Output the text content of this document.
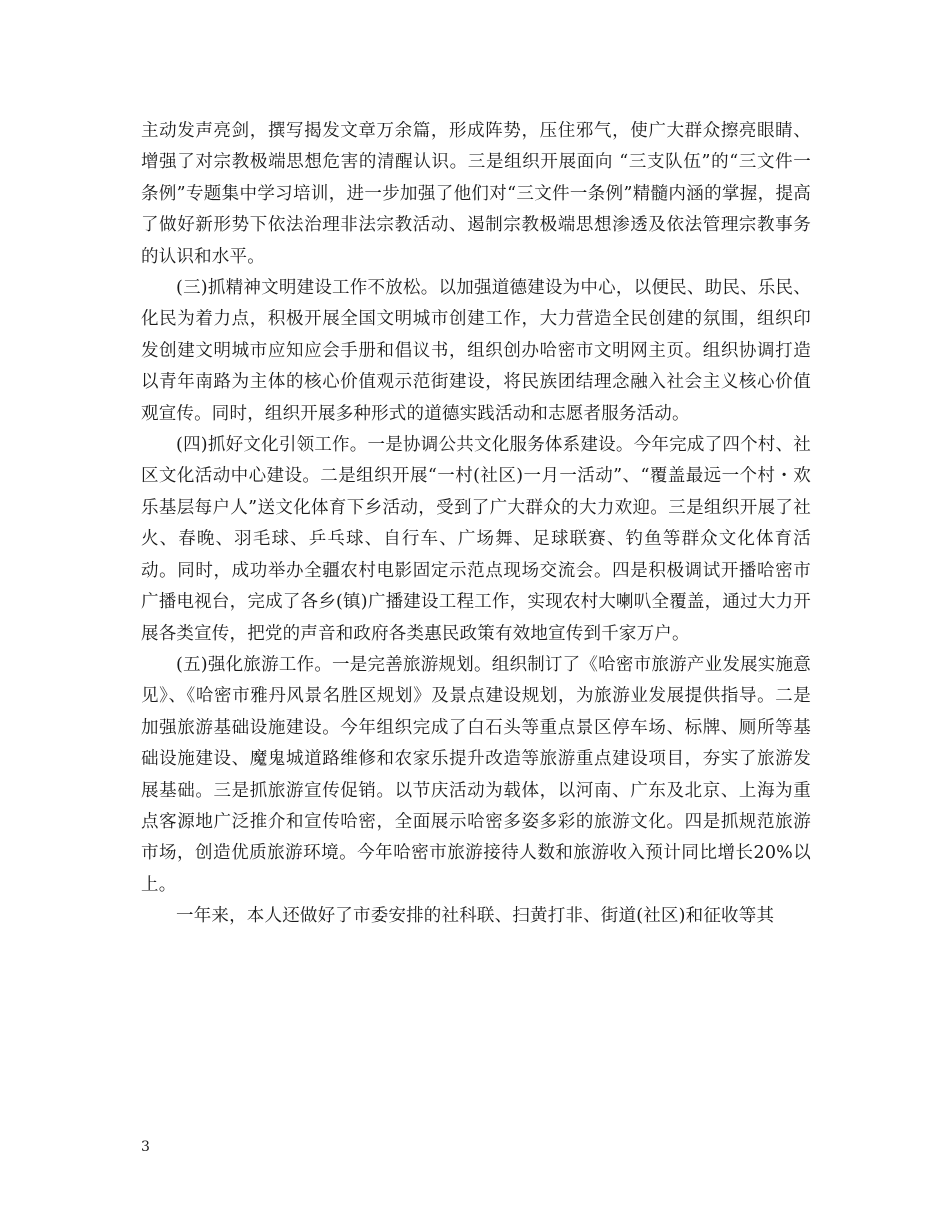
主动发声亮剑，撰写揭发文章万余篇，形成阵势，压住邪气，使广大群众擦亮眼睛、增强了对宗教极端思想危害的清醒认识。三是组织开展面向 “三支队伍”的“三文件一条例”专题集中学习培训，进一步加强了他们对“三文件一条例”精髓内涵的掌握，提高了做好新形势下依法治理非法宗教活动、遏制宗教极端思想渗透及依法管理宗教事务的认识和水平。

(三)抓精神文明建设工作不放松。以加强道德建设为中心，以便民、助民、乐民、化民为着力点，积极开展全国文明城市创建工作，大力营造全民创建的氛围，组织印发创建文明城市应知应会手册和倡议书，组织创办哈密市文明网主页。组织协调打造以青年南路为主体的核心价值观示范街建设，将民族团结理念融入社会主义核心价值观宣传。同时，组织开展多种形式的道德实践活动和志愿者服务活动。

(四)抓好文化引领工作。一是协调公共文化服务体系建设。今年完成了四个村、社区文化活动中心建设。二是组织开展“一村(社区)一月一活动”、“覆盖最远一个村・欢乐基层每户人”送文化体育下乡活动，受到了广大群众的大力欢迎。三是组织开展了社火、春晚、羽毛球、乒乓球、自行车、广场舞、足球联赛、钓鱼等群众文化体育活动。同时，成功举办全疆农村电影固定示范点现场交流会。四是积极调试开播哈密市广播电视台，完成了各乡(镇)广播建设工程工作，实现农村大喇叭全覆盖，通过大力开展各类宣传，把党的声音和政府各类惠民政策有效地宣传到千家万户。

(五)强化旅游工作。一是完善旅游规划。组织制订了《哈密市旅游产业发展实施意见》、《哈密市雅丹风景名胜区规划》及景点建设规划，为旅游业发展提供指导。二是加强旅游基础设施建设。今年组织完成了白石头等重点景区停车场、标牌、厕所等基础设施建设、魔鬼城道路维修和农家乐提升改造等旅游重点建设项目，夯实了旅游发展基础。三是抓旅游宣传促销。以节庆活动为载体，以河南、广东及北京、上海为重点客源地广泛推介和宣传哈密，全面展示哈密多姿多彩的旅游文化。四是抓规范旅游市场，创造优质旅游环境。今年哈密市旅游接待人数和旅游收入预计同比增长20%以上。

一年来，本人还做好了市委安排的社科联、扫黄打非、街道(社区)和征收等其

3
